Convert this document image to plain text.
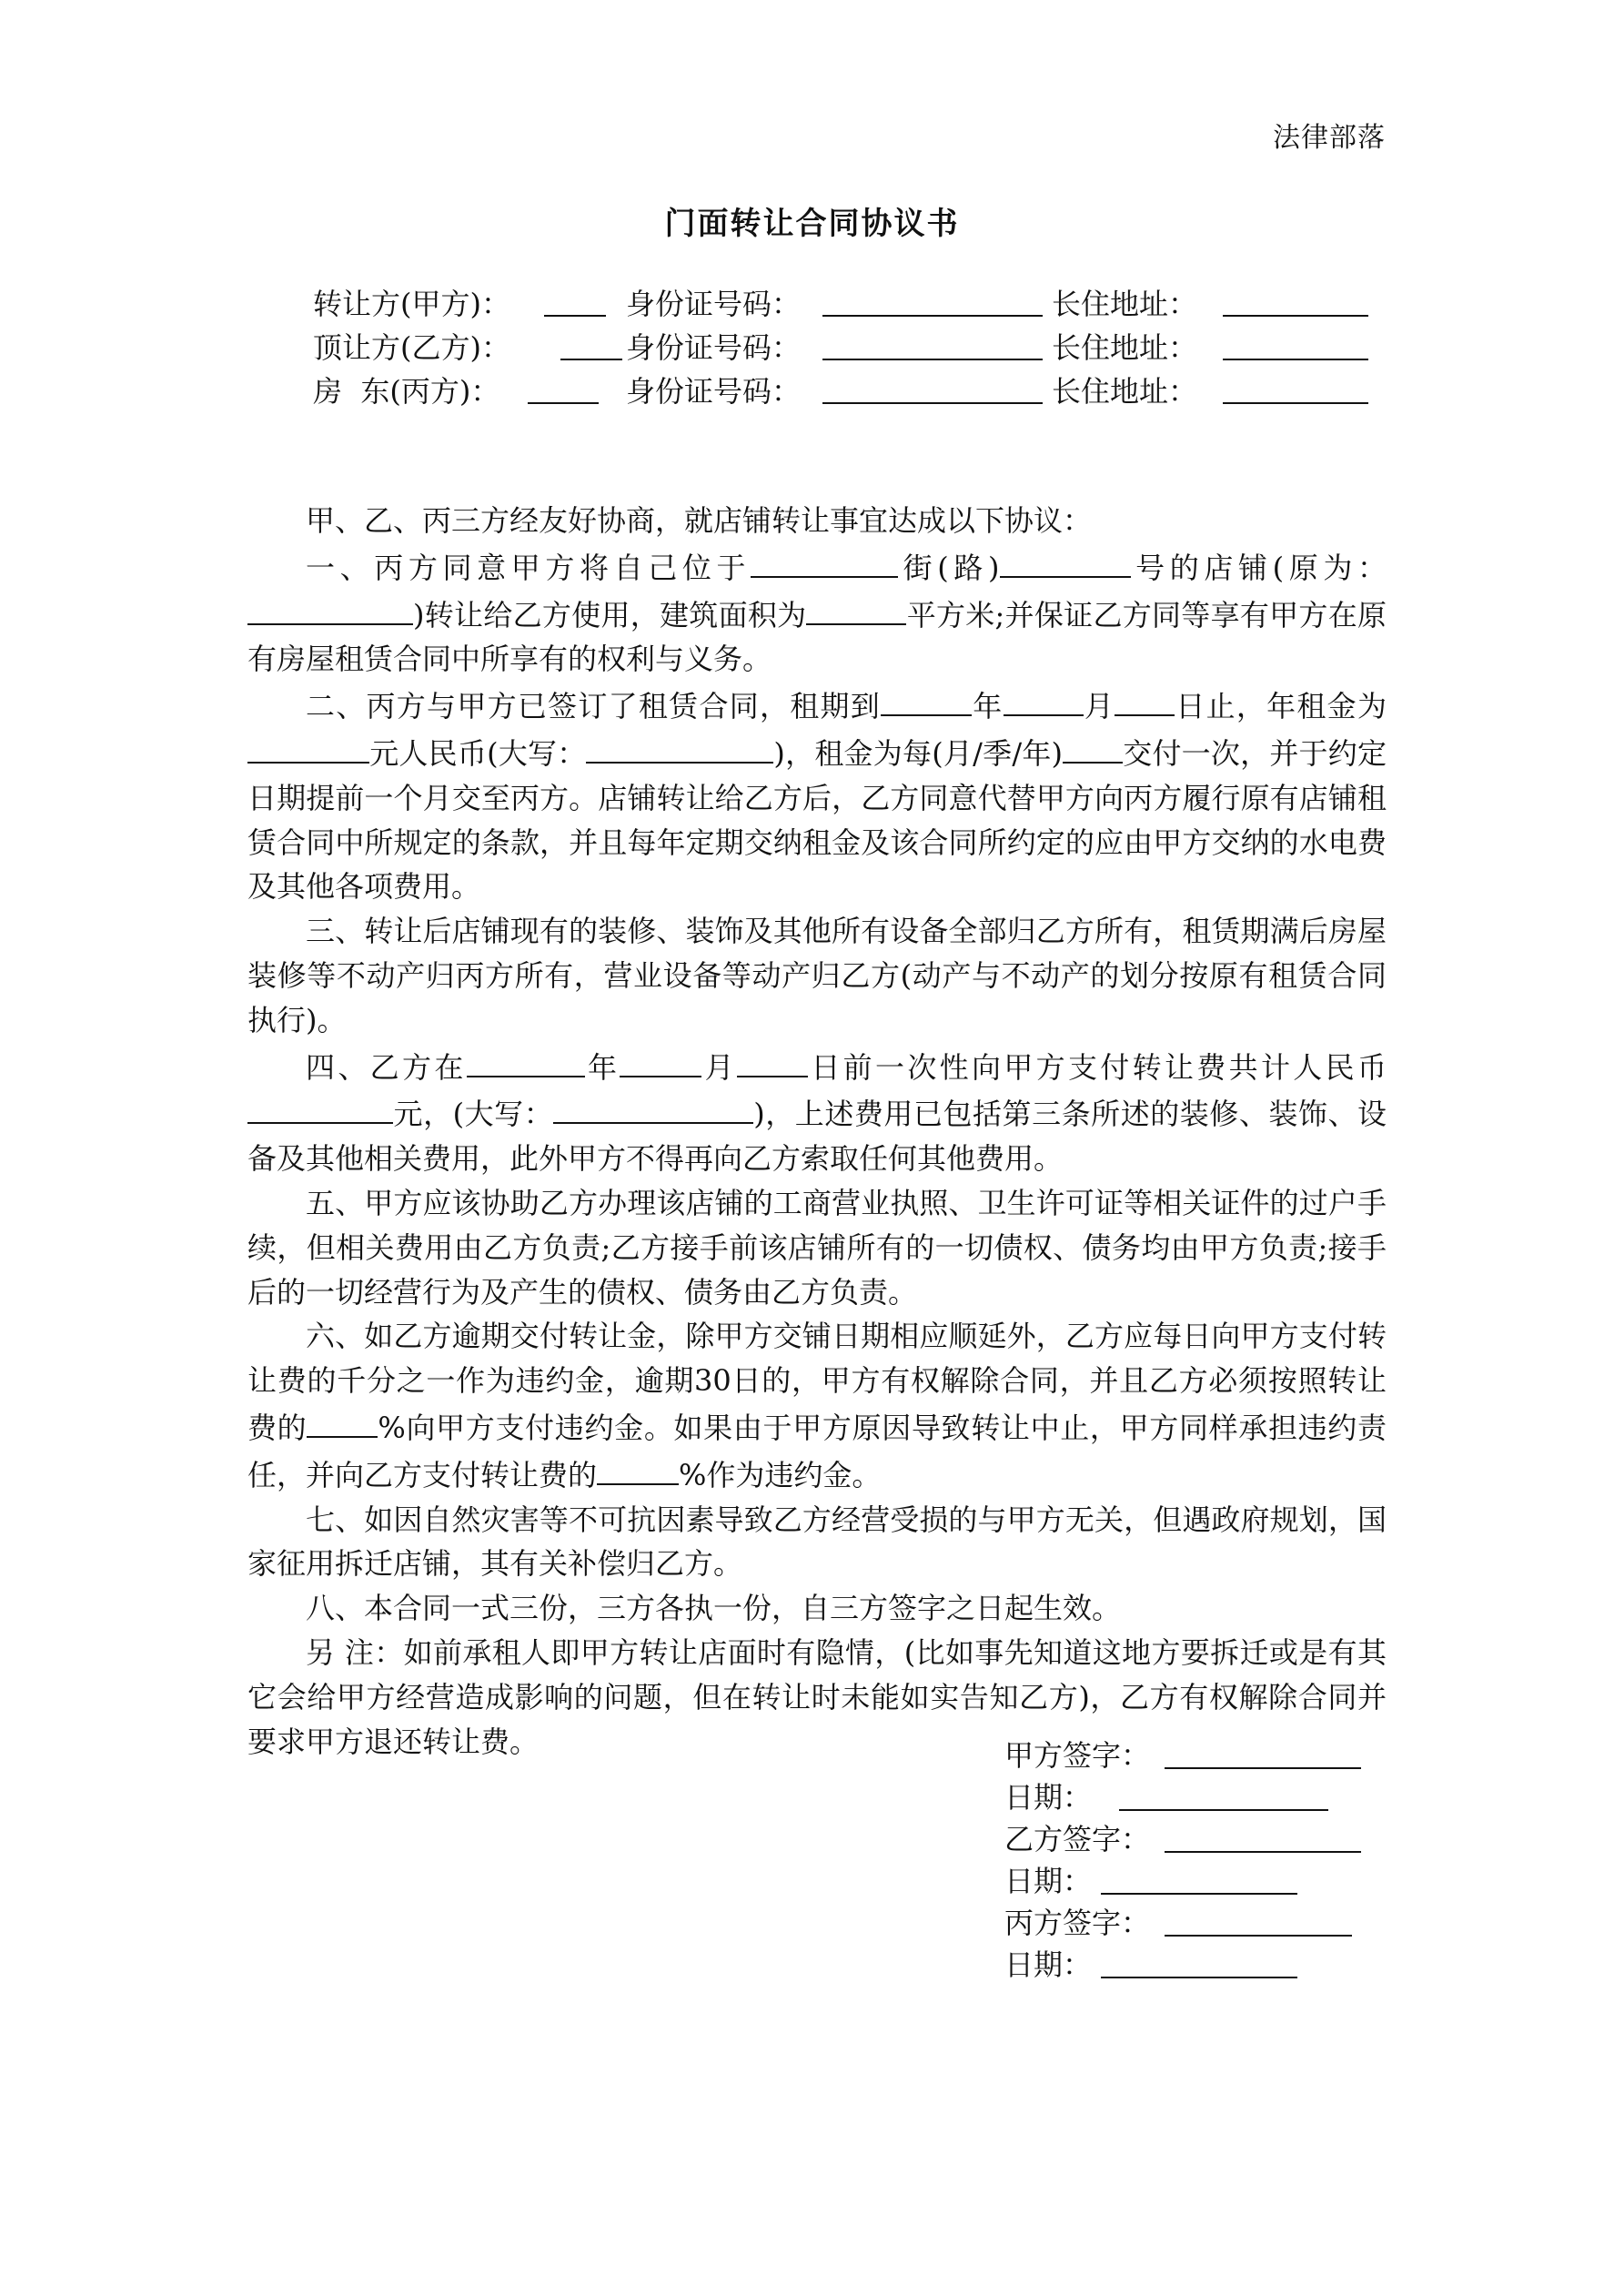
法律部落
门面转让合同协议书
转让方(甲方)：	身份证号码：	长住地址：
顶让方(乙方)：	身份证号码：	长住地址：
房  东(丙方)：	身份证号码：	长住地址：

甲、乙、丙三方经友好协商，就店铺转让事宜达成以下协议：

一、丙方同意甲方将自己位于	街(路)	号的店铺(原为：)转让给乙方使用，建筑面积为	平方米;并保证乙方同等享有甲方在原有房屋租赁合同中所享有的权利与义务。

二、丙方与甲方已签订了租赁合同，租期到	年	月 日止，年租金为元人民币(大写：	)，租金为每(月/季/年) 交付一次，并于约定日期提前一个月交至丙方。店铺转让给乙方后，乙方同意代替甲方向丙方履行原有店铺租赁合同中所规定的条款，并且每年定期交纳租金及该合同所约定的应由甲方交纳的水电费及其他各项费用。

三、转让后店铺现有的装修、装饰及其他所有设备全部归乙方所有，租赁期满后房屋装修等不动产归丙方所有，营业设备等动产归乙方(动产与不动产的划分按原有租赁合同执行)。

四、乙方在	年	月 日前一次性向甲方支付转让费共计人民币元，(大写：	)，上述费用已包括第三条所述的装修、装饰、设备及其他相关费用，此外甲方不得再向乙方索取任何其他费用。

五、甲方应该协助乙方办理该店铺的工商营业执照、卫生许可证等相关证件的过户手续，但相关费用由乙方负责;乙方接手前该店铺所有的一切债权、债务均由甲方负责;接手后的一切经营行为及产生的债权、债务由乙方负责。

六、如乙方逾期交付转让金，除甲方交铺日期相应顺延外，乙方应每日向甲方支付转让费的千分之一作为违约金，逾期30日的，甲方有权解除合同，并且乙方必须按照转让费的 %向甲方支付违约金。如果由于甲方原因导致转让中止，甲方同样承担违约责任，并向乙方支付转让费的	%作为违约金。

七、如因自然灾害等不可抗因素导致乙方经营受损的与甲方无关，但遇政府规划，国家征用拆迁店铺，其有关补偿归乙方。

八、本合同一式三份，三方各执一份，自三方签字之日起生效。

另 注：如前承租人即甲方转让店面时有隐情，(比如事先知道这地方要拆迁或是有其它会给甲方经营造成影响的问题，但在转让时未能如实告知乙方)，乙方有权解除合同并要求甲方退还转让费。	甲方签字：
日期：
乙方签字：
日期：
丙方签字：
日期：
